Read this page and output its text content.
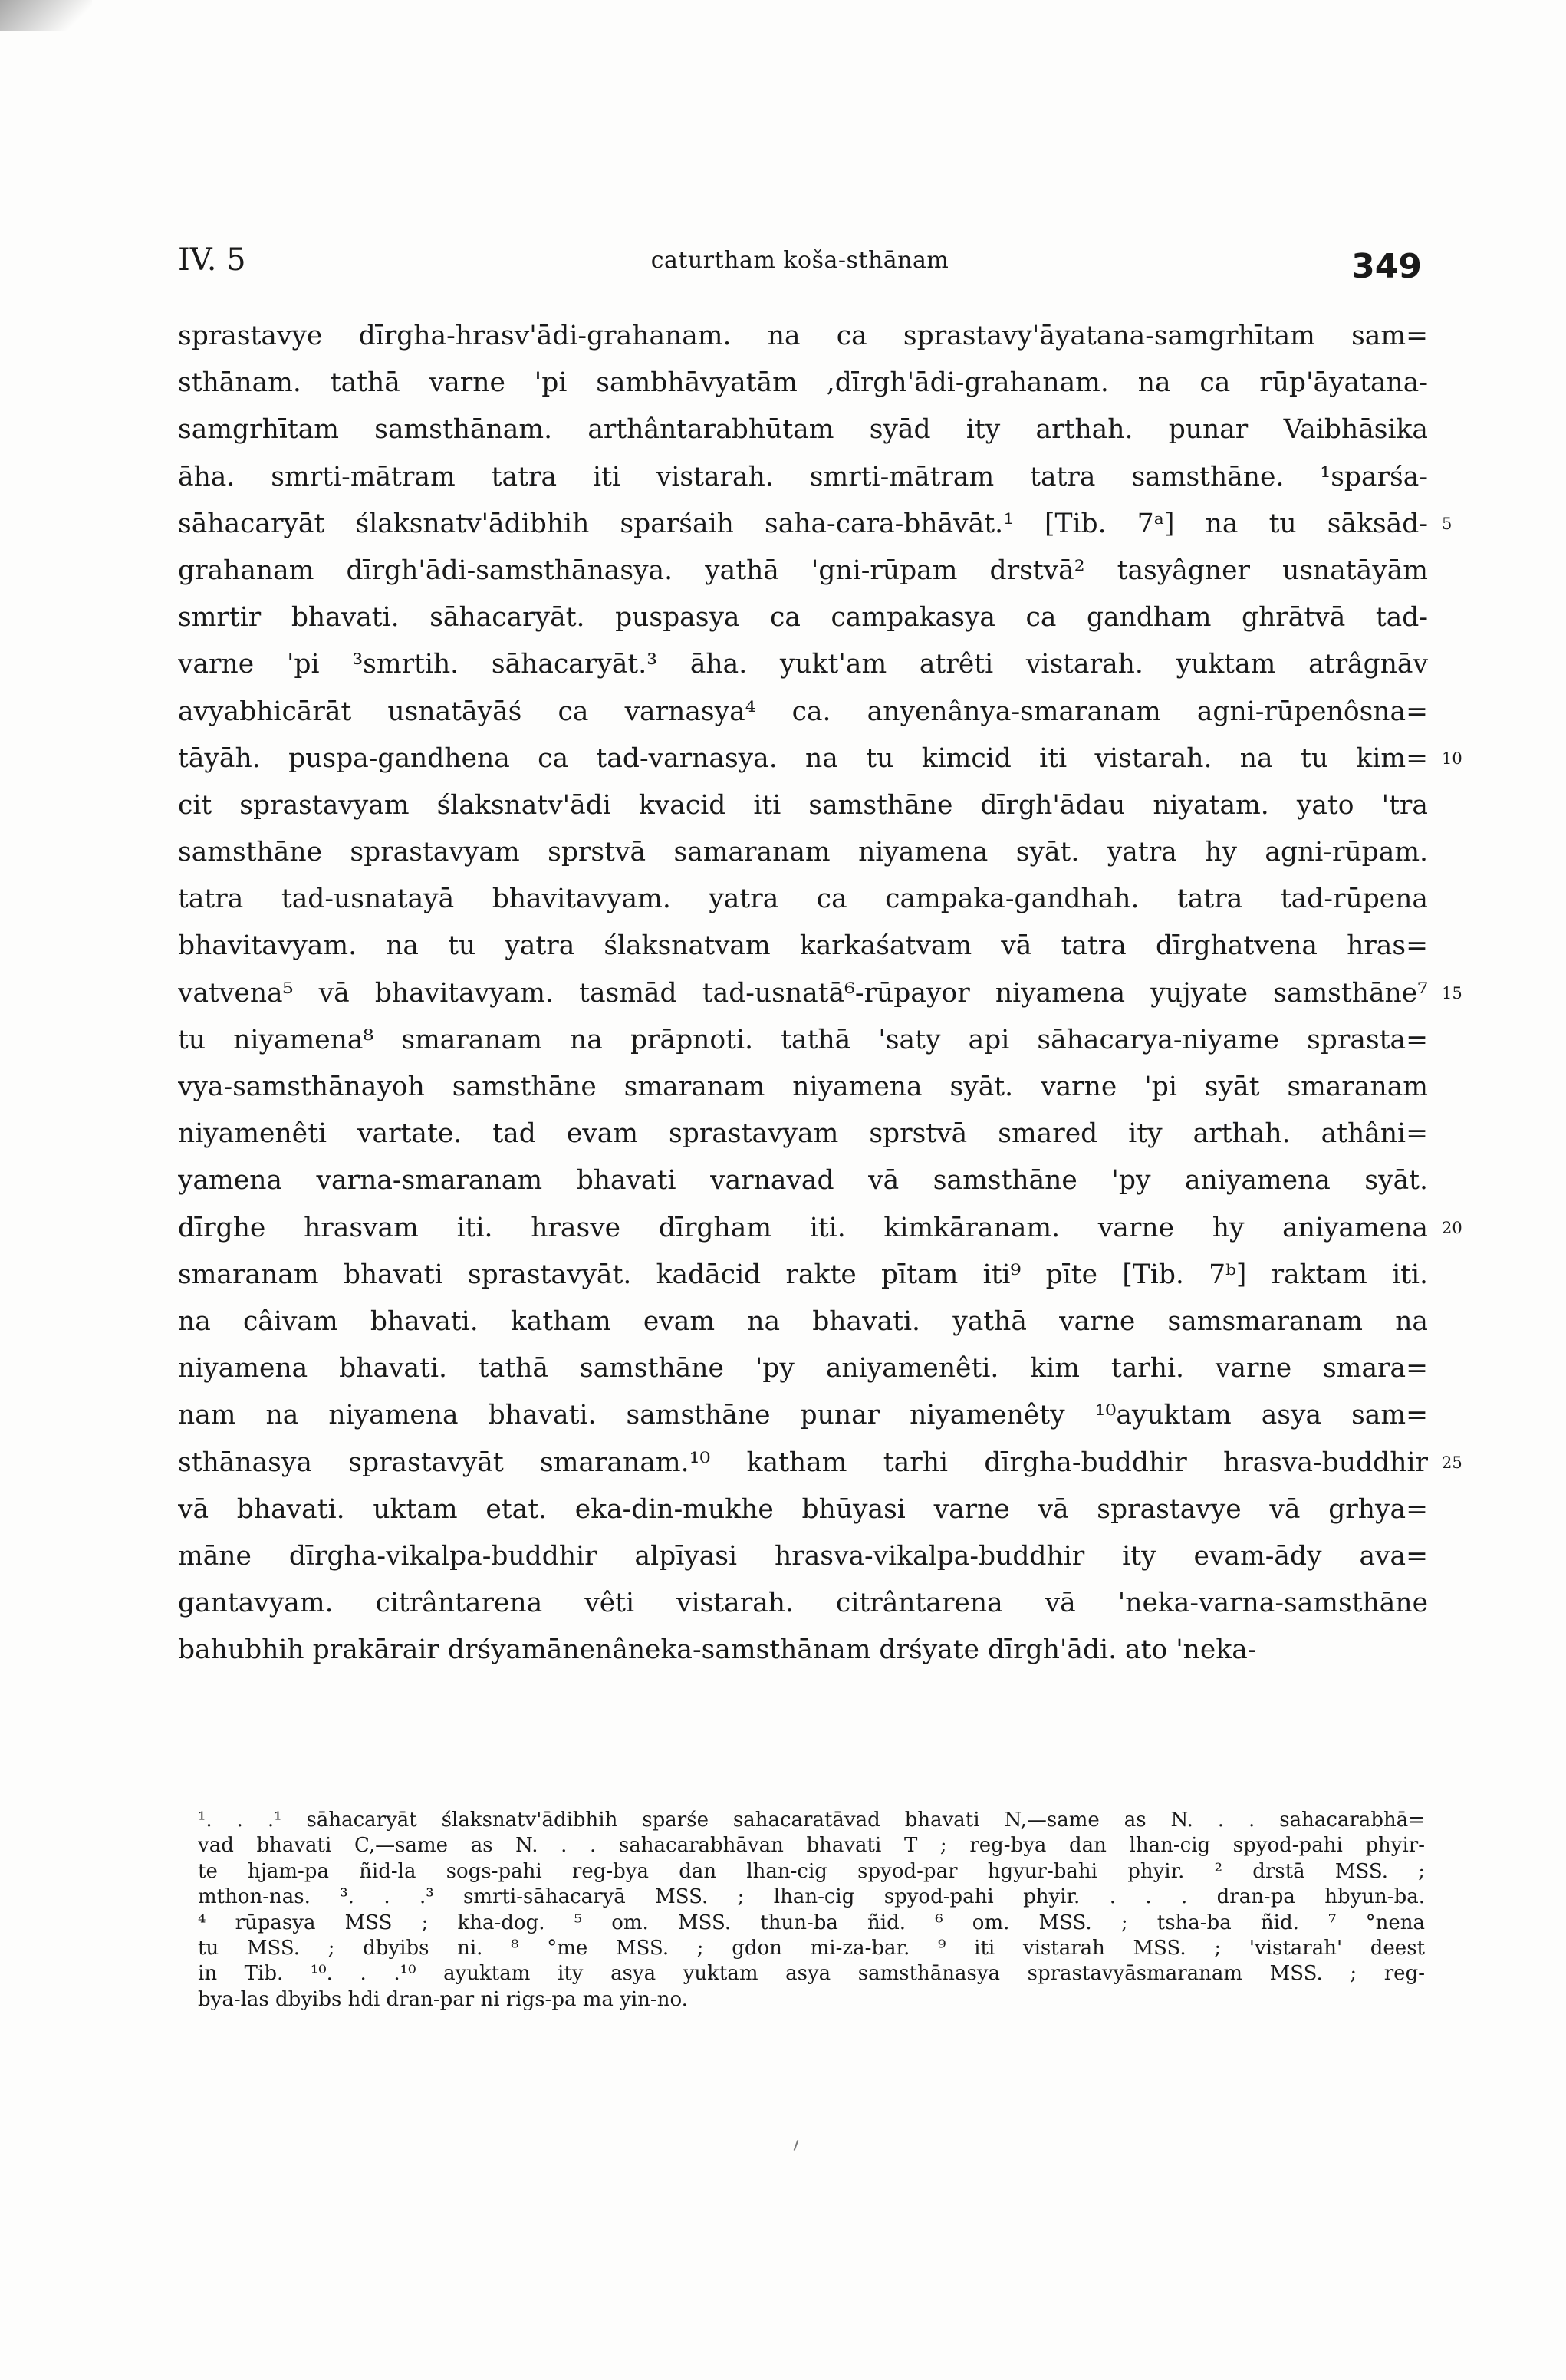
IV. 5	caturtham koša-sthānam	349
sprastavye dīrgha-hrasv'ādi-grahanam. na ca sprastavy'āyatana-samgrhītam sam=
sthānam. tathā varne 'pi sambhāvyatām ,dīrgh'ādi-grahanam. na ca rūp'āyatana-
samgrhītam samsthānam. arthântarabhūtam syād ity arthah. punar Vaibhāsika
āha. smrti-mātram tatra iti vistarah. smrti-mātram tatra samsthāne. ¹sparśa-
sāhacaryāt ślaksnatv'ādibhih sparśaih saha-cara-bhāvāt.¹ [Tib. 7ᵃ] na tu sāksād-
grahanam dīrgh'ādi-samsthānasya. yathā 'gni-rūpam drstvā² tasyâgner usnatāyām
smrtir bhavati. sāhacaryāt. puspasya ca campakasya ca gandham ghrātvā tad-
varne 'pi ³smrtih. sāhacaryāt.³ āha. yukt'am atrêti vistarah. yuktam atrâgnāv
avyabhicārāt usnatāyāś ca varnasya⁴ ca. anyenânya-smaranam agni-rūpenôsna=
tāyāh. puspa-gandhena ca tad-varnasya. na tu kimcid iti vistarah. na tu kim=
cit sprastavyam ślaksnatv'ādi kvacid iti samsthāne dīrgh'ādau niyatam. yato 'tra
samsthāne sprastavyam sprstvā samaranam niyamena syāt. yatra hy agni-rūpam.
tatra tad-usnatayā bhavitavyam. yatra ca campaka-gandhah. tatra tad-rūpena
bhavitavyam. na tu yatra ślaksnatvam karkaśatvam vā tatra dīrghatvena hras=
vatvena⁵ vā bhavitavyam. tasmād tad-usnatā⁶-rūpayor niyamena yujyate samsthāne⁷
tu niyamena⁸ smaranam na prāpnoti. tathā 'saty api sāhacarya-niyame sprasta=
vya-samsthānayoh samsthāne smaranam niyamena syāt. varne 'pi syāt smaranam
niyamenêti vartate. tad evam sprastavyam sprstvā smared ity arthah. athâni=
yamena varna-smaranam bhavati varnavad vā samsthāne 'py aniyamena syāt.
dīrghe hrasvam iti. hrasve dīrgham iti. kimkāranam. varne hy aniyamena
smaranam bhavati sprastavyāt. kadācid rakte pītam iti⁹ pīte [Tib. 7ᵇ] raktam iti.
na câivam bhavati. katham evam na bhavati. yathā varne samsmaranam na
niyamena bhavati. tathā samsthāne 'py aniyamenêti. kim tarhi. varne smara=
nam na niyamena bhavati. samsthāne punar niyamenêty ¹⁰ayuktam asya sam=
sthānasya sprastavyāt smaranam.¹⁰ katham tarhi dīrgha-buddhir hrasva-buddhir
vā bhavati. uktam etat. eka-din-mukhe bhūyasi varne vā sprastavye vā grhya=
māne dīrgha-vikalpa-buddhir alpīyasi hrasva-vikalpa-buddhir ity evam-ādy ava=
gantavyam. citrântarena vêti vistarah. citrântarena vā 'neka-varna-samsthāne
bahubhih prakārair drśyamānenâneka-samsthānam drśyate dīrgh'ādi. ato 'neka-
5
10
15
20
25
¹. . .¹ sāhacaryāt ślaksnatv'ādibhih sparśe sahacaratāvad bhavati N,—same as N. . . sahacarabhā=
vad bhavati C,—same as N. . . sahacarabhāvan bhavati T ; reg-bya dan lhan-cig spyod-pahi phyir-
te hjam-pa ñid-la sogs-pahi reg-bya dan lhan-cig spyod-par hgyur-bahi phyir. ² drstā MSS. ;
mthon-nas. ³. . .³ smrti-sāhacaryā MSS. ; lhan-cig spyod-pahi phyir. . . . dran-pa hbyun-ba.
⁴ rūpasya MSS ; kha-dog. ⁵ om. MSS. thun-ba ñid. ⁶ om. MSS. ; tsha-ba ñid. ⁷ °nena
tu MSS. ; dbyibs ni. ⁸ °me MSS. ; gdon mi-za-bar. ⁹ iti vistarah MSS. ; 'vistarah' deest
in Tib. ¹⁰. . .¹⁰ ayuktam ity asya yuktam asya samsthānasya sprastavyāsmaranam MSS. ; reg-
bya-las dbyibs hdi dran-par ni rigs-pa ma yin-no.
